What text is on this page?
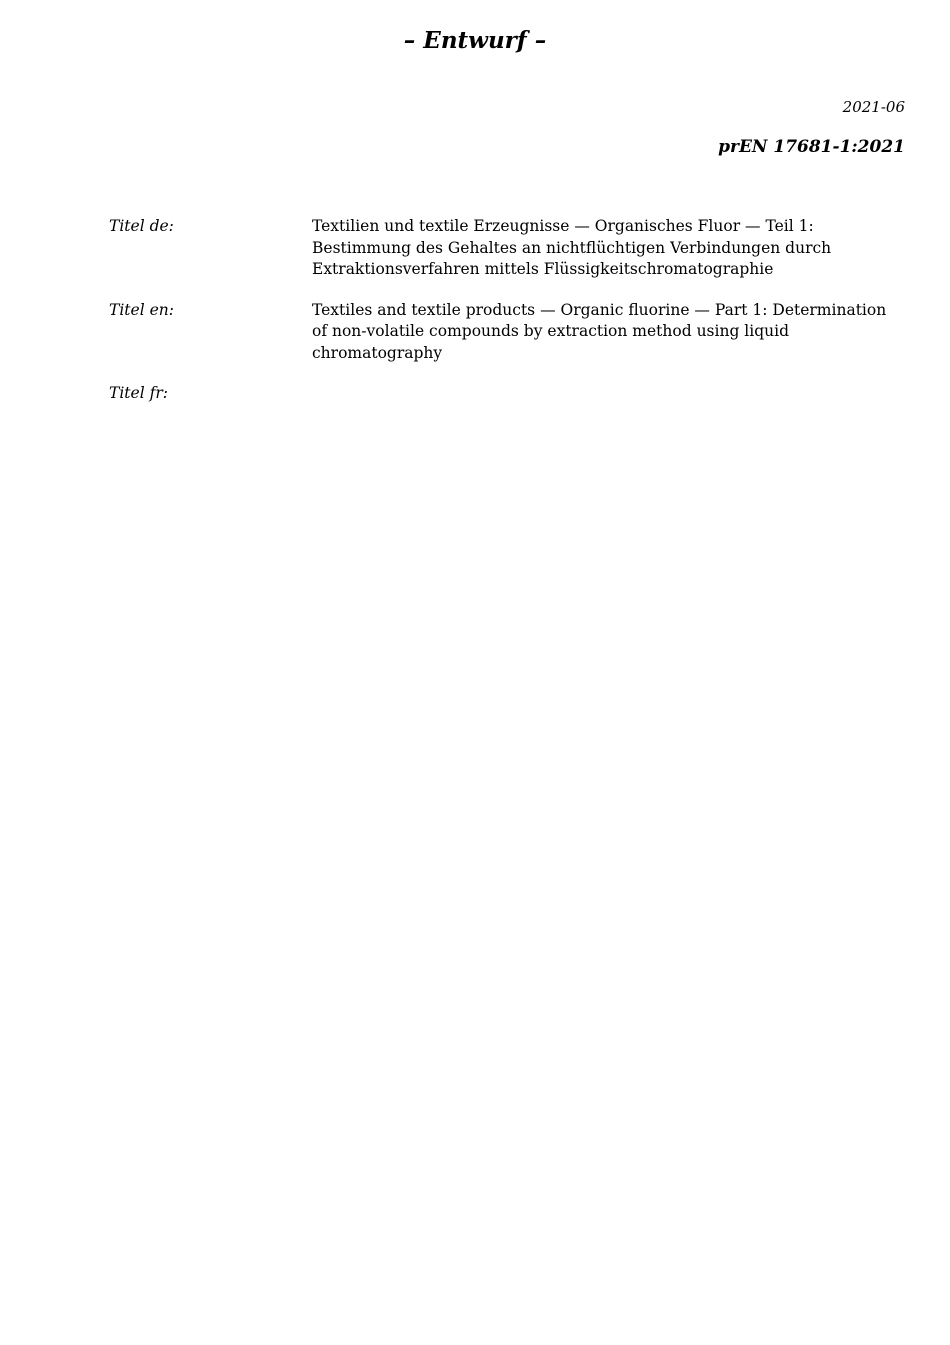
– Entwurf –
2021-06
prEN 17681-1:2021
Titel de:	Textilien und textile Erzeugnisse — Organisches Fluor — Teil 1:
Bestimmung des Gehaltes an nichtflüchtigen Verbindungen durch
Extraktionsverfahren mittels Flüssigkeitschromatographie
Titel en:	Textiles and textile products — Organic fluorine — Part 1: Determination
of non-volatile compounds by extraction method using liquid
chromatography
Titel fr:
